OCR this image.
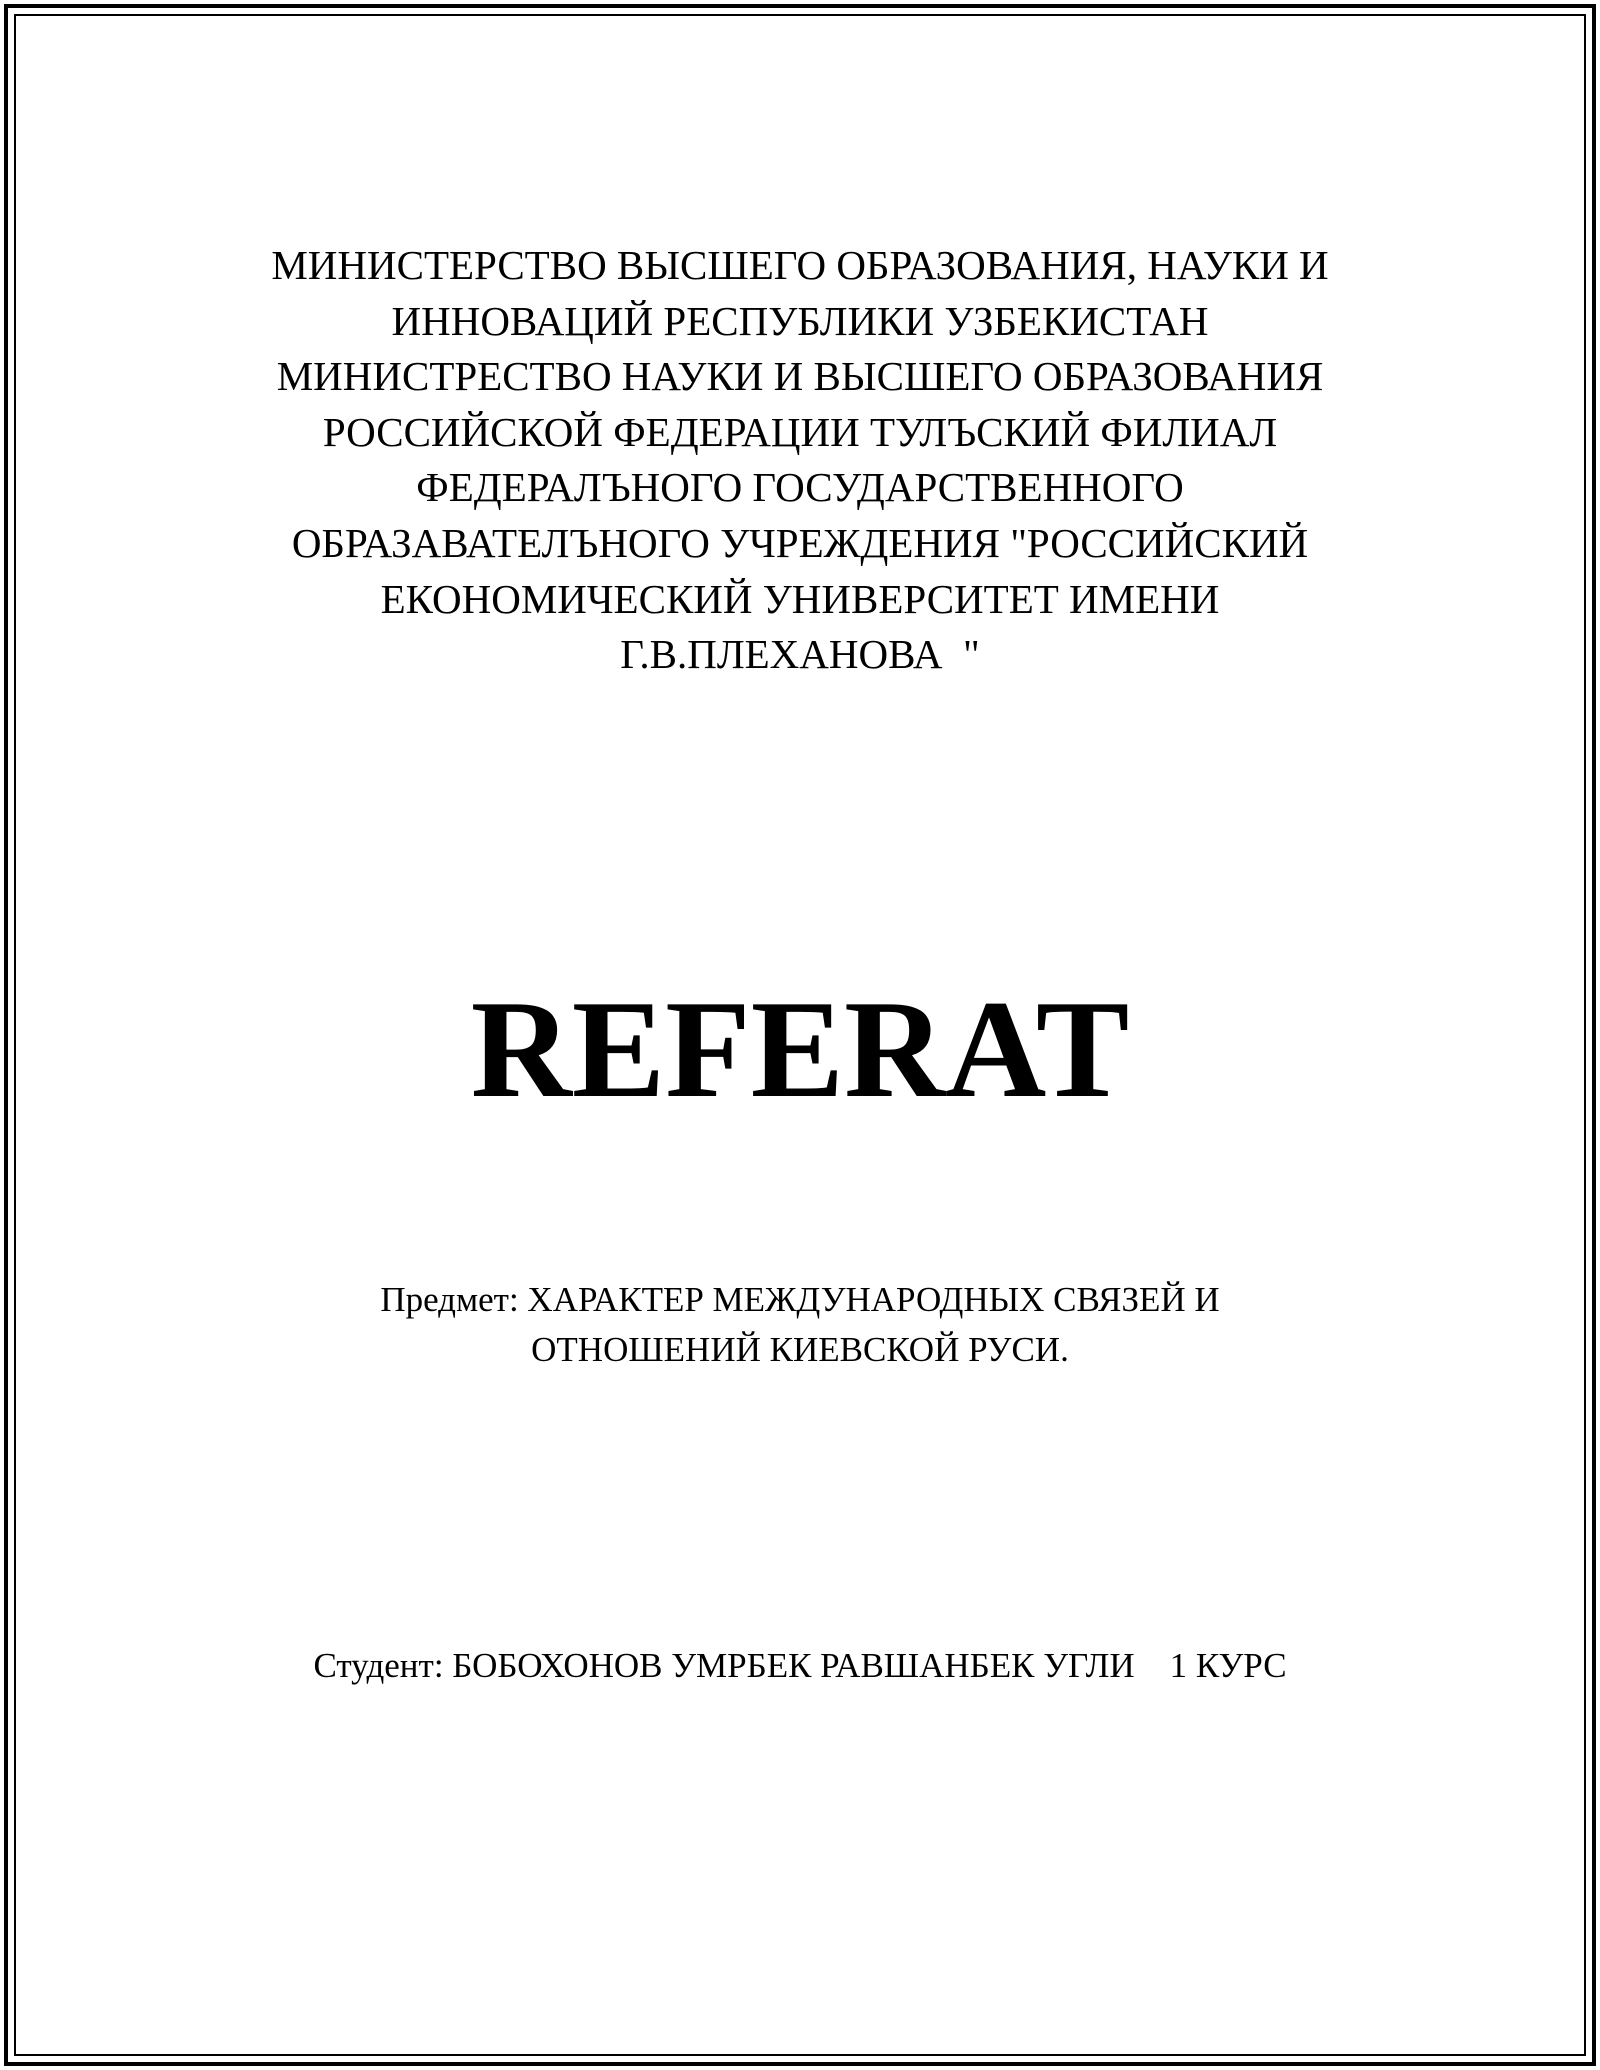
МИНИСТЕРСТВО ВЫСШЕГО ОБРАЗОВАНИЯ, НАУКИ И
ИННОВАЦИЙ РЕСПУБЛИКИ УЗБЕКИСТАН
МИНИСТРЕСТВО НАУКИ И ВЫСШЕГО ОБРАЗОВАНИЯ
РОССИЙСКОЙ ФЕДЕРАЦИИ ТУЛЪСКИЙ ФИЛИАЛ
ФЕДЕРАЛЪНОГО ГОСУДАРСТВЕННОГО
ОБРАЗАВАТЕЛЪНОГО УЧРЕЖДЕНИЯ "РОССИЙСКИЙ
ЕКОНОМИЧЕСКИЙ УНИВЕРСИТЕТ ИМЕНИ
Г.В.ПЛЕХАНОВА  "
REFERAT
Предмет: ХАРАКТЕР МЕЖДУНАРОДНЫХ СВЯЗЕЙ И
ОТНОШЕНИЙ КИЕВСКОЙ РУСИ.
Студент: БОБОХОНОВ УМРБЕК РАВШАНБЕК УГЛИ    1 КУРС
